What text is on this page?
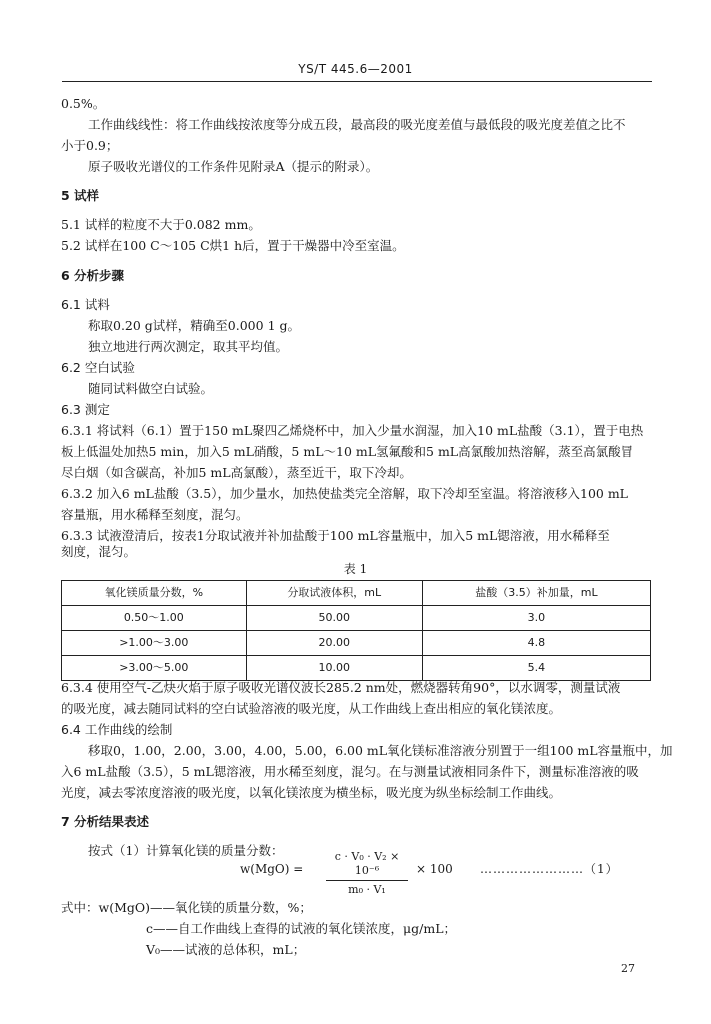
YS/T 445.6—2001
0.5%。
工作曲线线性：将工作曲线按浓度等分成五段，最高段的吸光度差值与最低段的吸光度差值之比不
小于0.9；
原子吸收光谱仪的工作条件见附录A（提示的附录）。
5 试样
5.1 试样的粒度不大于0.082 mm。
5.2 试样在100 C～105 C烘1 h后，置于干燥器中冷至室温。
6 分析步骤
6.1 试料
称取0.20 g试样，精确至0.000 1 g。
独立地进行两次测定，取其平均值。
6.2 空白试验
随同试料做空白试验。
6.3 测定
6.3.1 将试料（6.1）置于150 mL聚四乙烯烧杯中，加入少量水润湿，加入10 mL盐酸（3.1），置于电热
板上低温处加热5 min，加入5 mL硝酸，5 mL～10 mL氢氟酸和5 mL高氯酸加热溶解，蒸至高氯酸冒
尽白烟（如含碳高，补加5 mL高氯酸），蒸至近干，取下冷却。
6.3.2 加入6 mL盐酸（3.5），加少量水，加热使盐类完全溶解，取下冷却至室温。将溶液移入100 mL
容量瓶，用水稀释至刻度，混匀。
6.3.3 试液澄清后，按表1分取试液并补加盐酸于100 mL容量瓶中，加入5 mL锶溶液，用水稀释至
刻度，混匀。
表 1
氧化镁质量分数，%	分取试液体积，mL	盐酸（3.5）补加量，mL
0.50～1.00	50.00	3.0
>1.00～3.00	20.00	4.8
>3.00～5.00	10.00	5.4
6.3.4 使用空气-乙炔火焰于原子吸收光谱仪波长285.2 nm处，燃烧器转角90°，以水调零，测量试液
的吸光度，减去随同试料的空白试验溶液的吸光度，从工作曲线上查出相应的氧化镁浓度。
6.4 工作曲线的绘制
移取0，1.00，2.00，3.00，4.00，5.00，6.00 mL氧化镁标准溶液分别置于一组100 mL容量瓶中，加
入6 mL盐酸（3.5），5 mL锶溶液，用水稀至刻度，混匀。在与测量试液相同条件下，测量标准溶液的吸
光度，减去零浓度溶液的吸光度，以氧化镁浓度为横坐标，吸光度为纵坐标绘制工作曲线。
7 分析结果表述
按式（1）计算氧化镁的质量分数：
w(MgO) =
c · V₀ · V₂ × 10⁻⁶
m₀ · V₁
× 100 ……………………（1）
式中：w(MgO)——氧化镁的质量分数，%；
c——自工作曲线上查得的试液的氧化镁浓度，μg/mL；
V₀——试液的总体积，mL；
27
